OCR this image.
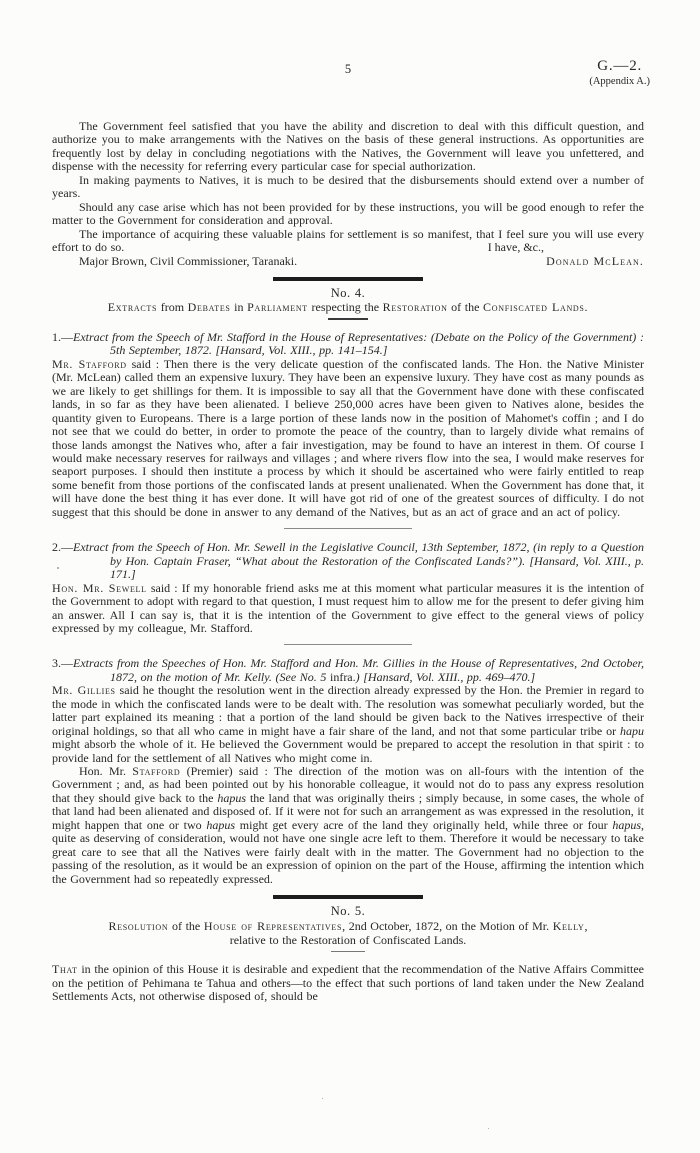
5	G.—2.
(Appendix A.)

The Government feel satisfied that you have the ability and discretion to deal with this difficult question, and authorize you to make arrangements with the Natives on the basis of these general instructions. As opportunities are frequently lost by delay in concluding negotiations with the Natives, the Government will leave you unfettered, and dispense with the necessity for referring every particular case for special authorization.

In making payments to Natives, it is much to be desired that the disbursements should extend over a number of years.

Should any case arise which has not been provided for by these instructions, you will be good enough to refer the matter to the Government for consideration and approval.

The importance of acquiring these valuable plains for settlement is so manifest, that I feel sure you will use every effort to do so.	I have, &c.,
Major Brown, Civil Commissioner, Taranaki.	Donald McLean.

No. 4.

Extracts from Debates in Parliament respecting the Restoration of the Confiscated Lands.

1.—Extract from the Speech of Mr. Stafford in the House of Representatives: (Debate on the Policy of the Government) : 5th September, 1872. [Hansard, Vol. XIII., pp. 141–154.]

Mr. Stafford said : Then there is the very delicate question of the confiscated lands. The Hon. the Native Minister (Mr. McLean) called them an expensive luxury. They have been an expensive luxury. They have cost as many pounds as we are likely to get shillings for them. It is impossible to say all that the Government have done with these confiscated lands, in so far as they have been alienated. I believe 250,000 acres have been given to Natives alone, besides the quantity given to Europeans. There is a large portion of these lands now in the position of Mahomet's coffin ; and I do not see that we could do better, in order to promote the peace of the country, than to largely divide what remains of those lands amongst the Natives who, after a fair investigation, may be found to have an interest in them. Of course I would make necessary reserves for railways and villages ; and where rivers flow into the sea, I would make reserves for seaport purposes. I should then institute a process by which it should be ascertained who were fairly entitled to reap some benefit from those portions of the confiscated lands at present unalienated. When the Government has done that, it will have done the best thing it has ever done. It will have got rid of one of the greatest sources of difficulty. I do not suggest that this should be done in answer to any demand of the Natives, but as an act of grace and an act of policy.

2.—Extract from the Speech of Hon. Mr. Sewell in the Legislative Council, 13th September, 1872, (in reply to a Question by Hon. Captain Fraser, “What about the Restoration of the Confiscated Lands?”). [Hansard, Vol. XIII., p. 171.]

Hon. Mr. Sewell said : If my honorable friend asks me at this moment what particular measures it is the intention of the Government to adopt with regard to that question, I must request him to allow me for the present to defer giving him an answer. All I can say is, that it is the intention of the Government to give effect to the general views of policy expressed by my colleague, Mr. Stafford.

3.—Extracts from the Speeches of Hon. Mr. Stafford and Hon. Mr. Gillies in the House of Representatives, 2nd October, 1872, on the motion of Mr. Kelly. (See No. 5 infra.) [Hansard, Vol. XIII., pp. 469–470.]

Mr. Gillies said he thought the resolution went in the direction already expressed by the Hon. the Premier in regard to the mode in which the confiscated lands were to be dealt with. The resolution was somewhat peculiarly worded, but the latter part explained its meaning : that a portion of the land should be given back to the Natives irrespective of their original holdings, so that all who came in might have a fair share of the land, and not that some particular tribe or hapu might absorb the whole of it. He believed the Government would be prepared to accept the resolution in that spirit : to provide land for the settlement of all Natives who might come in.

Hon. Mr. Stafford (Premier) said : The direction of the motion was on all-fours with the intention of the Government ; and, as had been pointed out by his honorable colleague, it would not do to pass any express resolution that they should give back to the hapus the land that was originally theirs ; simply because, in some cases, the whole of that land had been alienated and disposed of. If it were not for such an arrangement as was expressed in the resolution, it might happen that one or two hapus might get every acre of the land they originally held, while three or four hapus, quite as deserving of consideration, would not have one single acre left to them. Therefore it would be necessary to take great care to see that all the Natives were fairly dealt with in the matter. The Government had no objection to the passing of the resolution, as it would be an expression of opinion on the part of the House, affirming the intention which the Government had so repeatedly expressed.

No. 5.

Resolution of the House of Representatives, 2nd October, 1872, on the Motion of Mr. Kelly,

relative to the Restoration of Confiscated Lands.

That in the opinion of this House it is desirable and expedient that the recommendation of the Native Affairs Committee on the petition of Pehimana te Tahua and others—to the effect that such portions of land taken under the New Zealand Settlements Acts, not otherwise disposed of, should be
